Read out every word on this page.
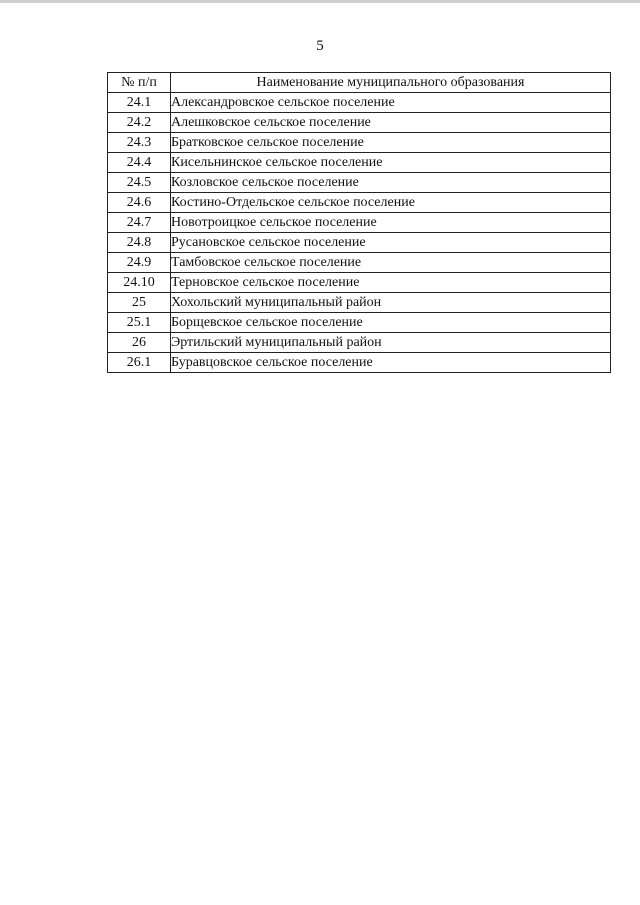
5
№ п/п	Наименование муниципального образования
24.1	Александровское сельское поселение
24.2	Алешковское сельское поселение
24.3	Братковское сельское поселение
24.4	Кисельнинское сельское поселение
24.5	Козловское сельское поселение
24.6	Костино-Отдельское сельское поселение
24.7	Новотроицкое сельское поселение
24.8	Русановское сельское поселение
24.9	Тамбовское сельское поселение
24.10	Терновское сельское поселение
25	Хохольский муниципальный район
25.1	Борщевское сельское поселение
26	Эртильский муниципальный район
26.1	Буравцовское сельское поселение
